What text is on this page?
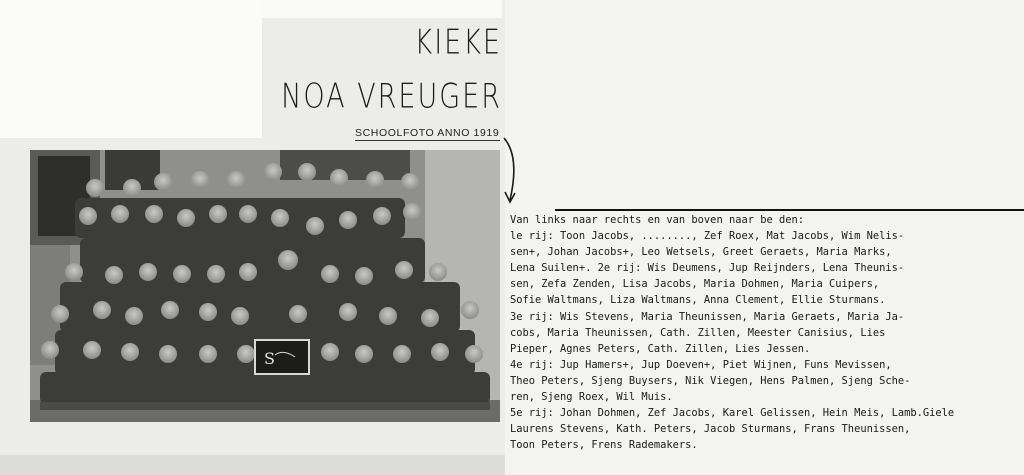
KIEKE
NOA VREUGER
SCHOOLFOTO ANNO 1919
S
Van links naar rechts en van boven naar be den:
le rij: Toon Jacobs, ........, Zef Roex, Mat Jacobs, Wim Nelis-
sen+, Johan Jacobs+, Leo Wetsels, Greet Geraets, Maria Marks,
Lena Suilen+. 2e rij: Wis Deumens, Jup Reijnders, Lena Theunis-
sen, Zefa Zenden, Lisa Jacobs, Maria Dohmen, Maria Cuipers,
Sofie Waltmans, Liza Waltmans, Anna Clement, Ellie Sturmans.
3e rij: Wis Stevens, Maria Theunissen, Maria Geraets, Maria Ja-
cobs, Maria Theunissen, Cath. Zillen, Meester Canisius, Lies
Pieper, Agnes Peters, Cath. Zillen, Lies Jessen.
4e rij: Jup Hamers+, Jup Doeven+, Piet Wijnen, Funs Mevissen,
Theo Peters, Sjeng Buysers, Nik Viegen, Hens Palmen, Sjeng Sche-
ren, Sjeng Roex, Wil Muis.
5e rij: Johan Dohmen, Zef Jacobs, Karel Gelissen, Hein Meis, Lamb.Giele
Laurens Stevens, Kath. Peters, Jacob Sturmans, Frans Theunissen,
Toon Peters, Frens Rademakers.
